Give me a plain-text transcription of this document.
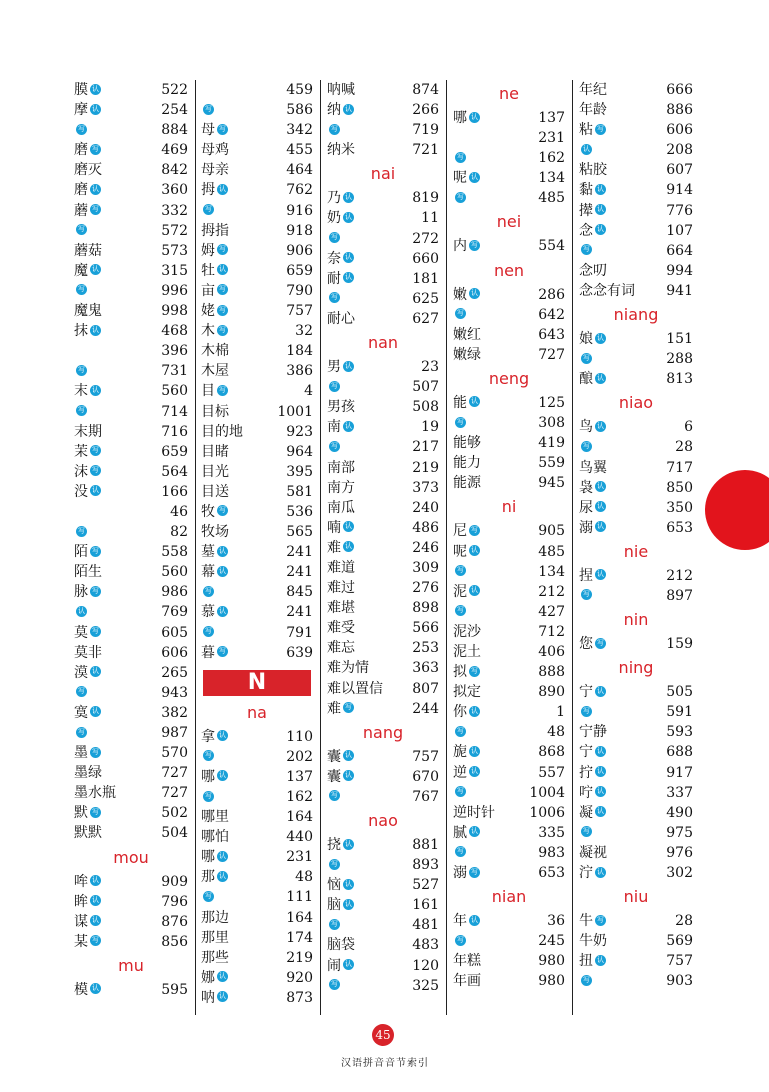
膜 认	522
摩 认	254
写	884
磨 写	469
磨灭	842
磨 认	360
蘑 写	332
写	572
蘑菇	573
魔 认	315
写	996
魔鬼	998
抹 认	468
396
写	731
末 认	560
写	714
末期	716
茉 写	659
沫 写	564
没 认	166
46
写	82
陌 写	558
陌生	560
脉 写	986
认	769
莫 写	605
莫非	606
漠 认	265
写	943
寞 认	382
写	987
墨 写	570
墨绿	727
墨水瓶	727
默 写	502
默默	504
mou
哞 认	909
眸 认	796
谋 认	876
某 写	856
mu
模 认	595
459
写	586
母 写	342
母鸡	455
母亲	464
拇 认	762
写	916
拇指	918
姆 写	906
牡 认	659
亩 写	790
姥 写	757
木 写	32
木棉	184
木屋	386
目 写	4
目标	1001
目的地	923
目睹	964
目光	395
目送	581
牧 写	536
牧场	565
墓 认	241
幕 认	241
写	845
慕 认	241
写	791
暮 写	639
N
na
拿 认	110
写	202
哪 认	137
写	162
哪里	164
哪怕	440
哪 认	231
那 认	48
写	111
那边	164
那里	174
那些	219
娜 认	920
呐 认	873
呐喊	874
纳 认	266
写	719
纳米	721
nai
乃 认	819
奶 认	11
写	272
奈 认	660
耐 认	181
写	625
耐心	627
nan
男 认	23
写	507
男孩	508
南 认	19
写	217
南部	219
南方	373
南瓜	240
喃 认	486
难 认	246
难道	309
难过	276
难堪	898
难受	566
难忘	253
难为情	363
难以置信 807
难 写	244
nang
囊 认	757
囊 认	670
写	767
nao
挠 认	881
写	893
恼 认	527
脑 认	161
写	481
脑袋	483
闹 认	120
写	325
ne
哪 认	137
231
写	162
呢 认	134
写	485
nei
内 写	554
nen
嫩 认	286
写	642
嫩红	643
嫩绿	727
neng
能 认	125
写	308
能够	419
能力	559
能源	945
ni
尼 写	905
呢 认	485
写	134
泥 认	212
写	427
泥沙	712
泥土	406
拟 写	888
拟定	890
你 认	1
写	48
旎 认	868
逆 认	557
写	1004
逆时针 1006
腻 认	335
写	983
溺 写	653
nian
年 认	36
写	245
年糕	980
年画	980
年纪	666
年龄	886
粘 写	606
认	208
粘胶	607
黏 认	914
撵 认	776
念 认	107
写	664
念叨	994
念念有词 941
niang
娘 认	151
写	288
酿 认	813
niao
鸟 认	6
写	28
鸟翼	717
袅 认	850
尿 认	350
溺 认	653
nie
捏 认	212
写	897
nin
您 写	159
ning
宁 认	505
写	591
宁静	593
宁 认	688
拧 认	917
咛 认	337
凝 认	490
写	975
凝视	976
泞 认	302
niu
牛 写	28
牛奶	569
扭 认	757
写	903
45
汉语拼音音节索引
